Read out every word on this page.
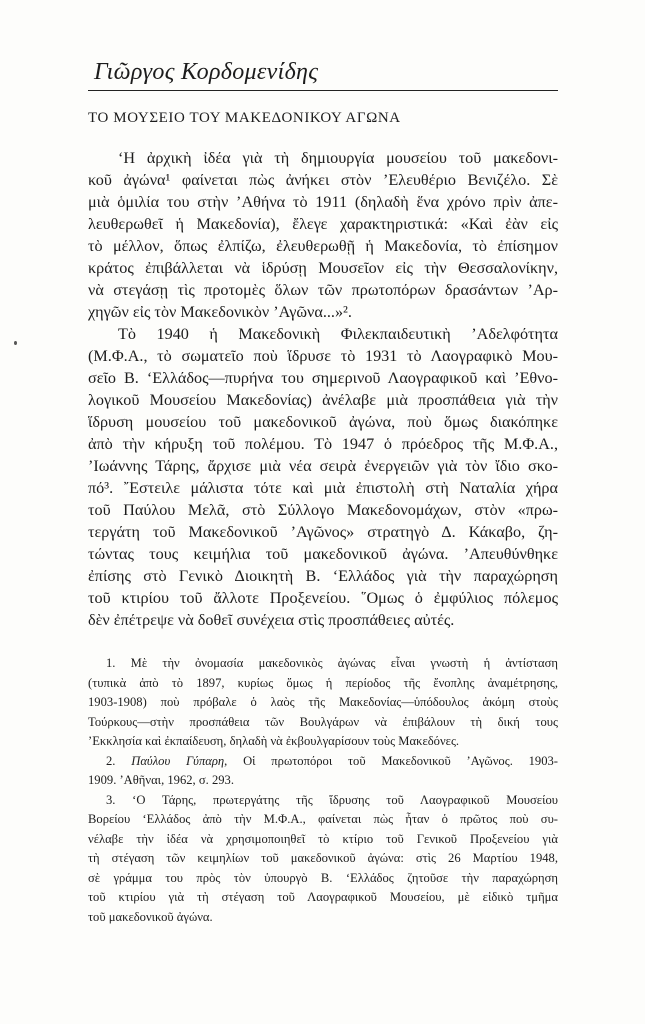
Γιῶργος Κορδομενίδης
ΤΟ ΜΟΥΣΕΙΟ ΤΟΥ ΜΑΚΕΔΟΝΙΚΟΥ ΑΓΩΝΑ
‘Η ἀρχικὴ ἰδέα γιὰ τὴ δημιουργία μουσείου τοῦ μακεδονι-
κοῦ ἀγώνα¹ φαίνεται πὼς ἀνήκει στὸν ’Ελευθέριο Βενιζέλο. Σὲ
μιὰ ὁμιλία του στὴν ’Αθήνα τὸ 1911 (δηλαδὴ ἕνα χρόνο πρὶν ἀπε-
λευθερωθεῖ ἡ Μακεδονία), ἔλεγε χαρακτηριστικά: «Καὶ ἐὰν εἰς
τὸ μέλλον, ὅπως ἐλπίζω, ἐλευθερωθῇ ἡ Μακεδονία, τὸ ἐπίσημον
κράτος ἐπιβάλλεται νὰ ἱδρύσῃ Μουσεῖον εἰς τὴν Θεσσαλονίκην,
νὰ στεγάσῃ τὶς προτομὲς ὅλων τῶν πρωτοπόρων δρασάντων ’Αρ-
χηγῶν εἰς τὸν Μακεδονικὸν ’Αγῶνα...»².
Τὸ 1940 ἡ Μακεδονικὴ Φιλεκπαιδευτικὴ ’Αδελφότητα
(Μ.Φ.Α., τὸ σωματεῖο ποὺ ἵδρυσε τὸ 1931 τὸ Λαογραφικὸ Μου-
σεῖο Β. ‘Ελλάδος—πυρήνα του σημερινοῦ Λαογραφικοῦ καὶ ’Εθνο-
λογικοῦ Μουσείου Μακεδονίας) ἀνέλαβε μιὰ προσπάθεια γιὰ τὴν
ἵδρυση μουσείου τοῦ μακεδονικοῦ ἀγώνα, ποὺ ὅμως διακόπηκε
ἀπὸ τὴν κήρυξη τοῦ πολέμου. Τὸ 1947 ὁ πρόεδρος τῆς Μ.Φ.Α.,
’Ιωάννης Τάρης, ἄρχισε μιὰ νέα σειρὰ ἐνεργειῶν γιὰ τὸν ἴδιο σκο-
πό³. ῎Εστειλε μάλιστα τότε καὶ μιὰ ἐπιστολὴ στὴ Ναταλία χήρα
τοῦ Παύλου Μελᾶ, στὸ Σύλλογο Μακεδονομάχων, στὸν «πρω-
τεργάτη τοῦ Μακεδονικοῦ ’Αγῶνος» στρατηγὸ Δ. Κάκαβο, ζη-
τώντας τους κειμήλια τοῦ μακεδονικοῦ ἀγώνα. ’Απευθύνθηκε
ἐπίσης στὸ Γενικὸ Διοικητὴ Β. ‘Ελλάδος γιὰ τὴν παραχώρηση
τοῦ κτιρίου τοῦ ἄλλοτε Προξενείου. ῞Ομως ὁ ἐμφύλιος πόλεμος
δὲν ἐπέτρεψε νὰ δοθεῖ συνέχεια στὶς προσπάθειες αὐτές.
1. Μὲ τὴν ὀνομασία μακεδονικὸς ἀγώνας εἶναι γνωστὴ ἡ ἀντίσταση
(τυπικὰ ἀπὸ τὸ 1897, κυρίως ὅμως ἡ περίοδος τῆς ἔνοπλης ἀναμέτρησης,
1903-1908) ποὺ πρόβαλε ὁ λαὸς τῆς Μακεδονίας—ὑπόδουλος ἀκόμη στοὺς
Τούρκους—στὴν προσπάθεια τῶν Βουλγάρων νὰ ἐπιβάλουν τὴ δική τους
’Εκκλησία καὶ ἐκπαίδευση, δηλαδὴ νὰ ἐκβουλγαρίσουν τοὺς Μακεδόνες.
2. Παύλου Γύπαρη, Οἱ πρωτοπόροι τοῦ Μακεδονικοῦ ’Αγῶνος. 1903-
1909. ’Αθῆναι, 1962, σ. 293.
3. ‘Ο Τάρης, πρωτεργάτης τῆς ἵδρυσης τοῦ Λαογραφικοῦ Μουσείου
Βορείου ‘Ελλάδος ἀπὸ τὴν Μ.Φ.Α., φαίνεται πὼς ἦταν ὁ πρῶτος ποὺ συ-
νέλαβε τὴν ἰδέα νὰ χρησιμοποιηθεῖ τὸ κτίριο τοῦ Γενικοῦ Προξενείου γιὰ
τὴ στέγαση τῶν κειμηλίων τοῦ μακεδονικοῦ ἀγώνα: στὶς 26 Μαρτίου 1948,
σὲ γράμμα του πρὸς τὸν ὑπουργὸ Β. ‘Ελλάδος ζητοῦσε τὴν παραχώρηση
τοῦ κτιρίου γιὰ τὴ στέγαση τοῦ Λαογραφικοῦ Μουσείου, μὲ εἰδικὸ τμῆμα
τοῦ μακεδονικοῦ ἀγώνα.
